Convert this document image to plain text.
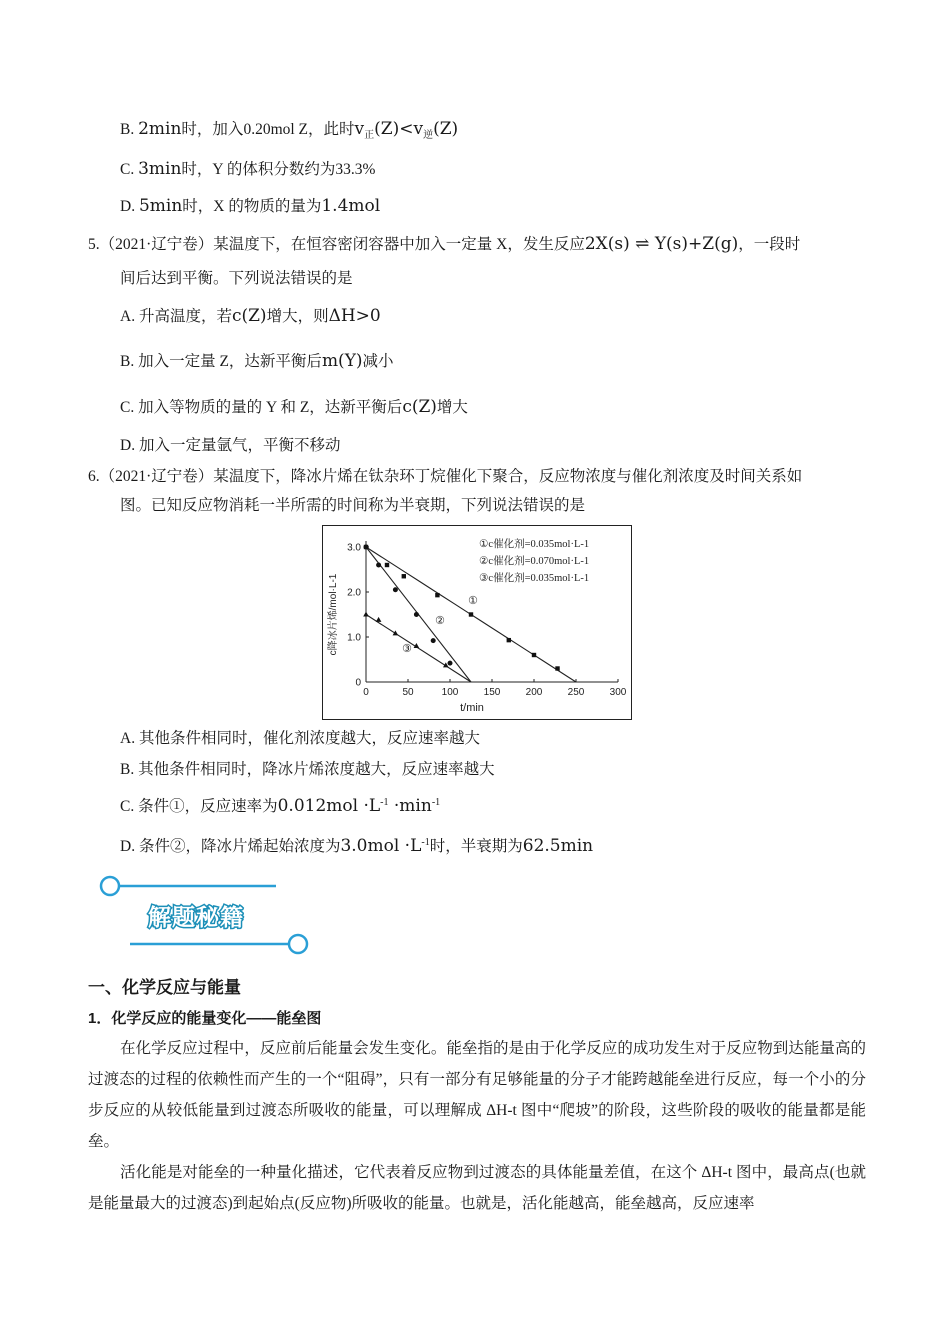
B. 2min时，加入0.20mol Z，此时$v_正(Z)<v_逆(Z)$
C. 3min时，Y 的体积分数约为33.3%
D. 5min时，X 的物质的量为1.4mol
5.（2021·辽宁卷）某温度下，在恒容密闭容器中加入一定量 X，发生反应2X(s) ⇌ Y(s)+Z(g)，一段时
间后达到平衡。下列说法错误的是
A. 升高温度，若c(Z)增大，则ΔH>0
B. 加入一定量 Z，达新平衡后m(Y)减小
C. 加入等物质的量的 Y 和 Z，达新平衡后c(Z)增大
D. 加入一定量氩气，平衡不移动
6.（2021·辽宁卷）某温度下，降冰片烯在钛杂环丁烷催化下聚合，反应物浓度与催化剂浓度及时间关系如
图。已知反应物消耗一半所需的时间称为半衰期，下列说法错误的是
0	50	100	150	200	250	300
0
1.0
2.0
3.0
t/min
c降冰片烯/mol·L-1	①
②
③
①c催化剂=0.035mol·L-1
②c催化剂=0.070mol·L-1
③c催化剂=0.035mol·L-1
A. 其他条件相同时，催化剂浓度越大，反应速率越大
B. 其他条件相同时，降冰片烯浓度越大，反应速率越大
C. 条件①，反应速率为$0.012mol \cdot L^{-1} \cdot\min^{-1}$
D. 条件②，降冰片烯起始浓度为$3.0mol \cdot L^{-1}$时，半衰期为62.5min
解题秘籍
一、化学反应与能量
1．化学反应的能量变化——能垒图
在化学反应过程中，反应前后能量会发生变化。能垒指的是由于化学反应的成功发生对于反应物到达能量高的过渡态的过程的依赖性而产生的一个“阻碍”，只有一部分有足够能量的分子才能跨越能垒进行反应，每一个小的分步反应的从较低能量到过渡态所吸收的能量，可以理解成 ΔH-t 图中“爬坡”的阶段，这些阶段的吸收的能量都是能垒。
活化能是对能垒的一种量化描述，它代表着反应物到过渡态的具体能量差值，在这个 ΔH-t 图中，最高点(也就是能量最大的过渡态)到起始点(反应物)所吸收的能量。也就是，活化能越高，能垒越高，反应速率
